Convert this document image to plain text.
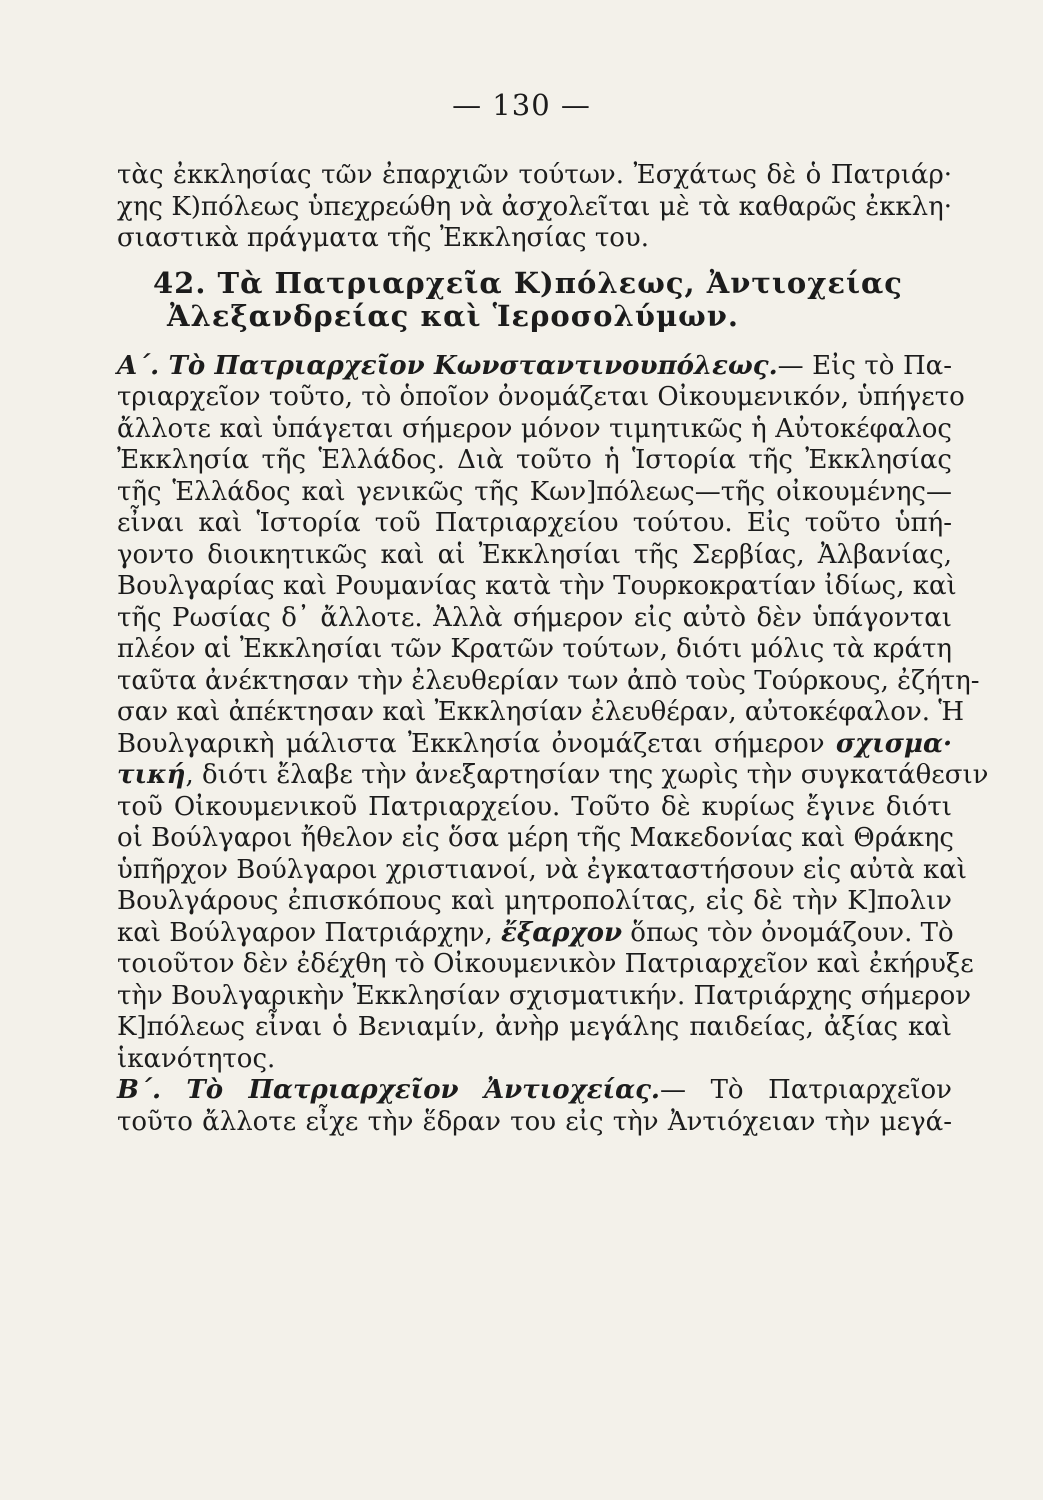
— 130 —
τὰς ἐκκλησίας τῶν ἐπαρχιῶν τούτων. Ἐσχάτως δὲ ὁ Πατριάρ·
χης Κ)πόλεως ὑπεχρεώθη νὰ ἀσχολεῖται μὲ τὰ καθαρῶς ἐκκλη·
σιαστικὰ πράγματα τῆς Ἐκκλησίας του.
42. Τὰ Πατριαρχεῖα Κ)πόλεως, Ἀντιοχείας
Ἀλεξανδρείας καὶ Ἱεροσολύμων.
Α΄. Τὸ Πατριαρχεῖον Κωνσταντινουπόλεως.— Εἰς τὸ Πα-
τριαρχεῖον τοῦτο, τὸ ὁποῖον ὀνομάζεται Οἰκουμενικόν, ὑπήγετο
ἄλλοτε καὶ ὑπάγεται σήμερον μόνον τιμητικῶς ἡ Αὐτοκέφαλος
Ἐκκλησία τῆς Ἑλλάδος. Διὰ τοῦτο ἡ Ἱστορία τῆς Ἐκκλησίας
τῆς Ἑλλάδος καὶ γενικῶς τῆς Κων]πόλεως—τῆς οἰκουμένης—
εἶναι καὶ Ἱστορία τοῦ Πατριαρχείου τούτου. Εἰς τοῦτο ὑπή-
γοντο διοικητικῶς καὶ αἱ Ἐκκλησίαι τῆς Σερβίας, Ἀλβανίας,
Βουλγαρίας καὶ Ρουμανίας κατὰ τὴν Τουρκοκρατίαν ἰδίως, καὶ
τῆς Ρωσίας δ᾽ ἄλλοτε. Ἀλλὰ σήμερον εἰς αὐτὸ δὲν ὑπάγονται
πλέον αἱ Ἐκκλησίαι τῶν Κρατῶν τούτων, διότι μόλις τὰ κράτη
ταῦτα ἀνέκτησαν τὴν ἐλευθερίαν των ἀπὸ τοὺς Τούρκους, ἐζήτη-
σαν καὶ ἀπέκτησαν καὶ Ἐκκλησίαν ἐλευθέραν, αὐτοκέφαλον. Ἡ
Βουλγαρικὴ μάλιστα Ἐκκλησία ὀνομάζεται σήμερον σχισμα·
τική, διότι ἔλαβε τὴν ἀνεξαρτησίαν της χωρὶς τὴν συγκατάθεσιν
τοῦ Οἰκουμενικοῦ Πατριαρχείου. Τοῦτο δὲ κυρίως ἔγινε διότι
οἱ Βούλγαροι ἤθελον εἰς ὅσα μέρη τῆς Μακεδονίας καὶ Θράκης
ὑπῆρχον Βούλγαροι χριστιανοί, νὰ ἐγκαταστήσουν εἰς αὐτὰ καὶ
Βουλγάρους ἐπισκόπους καὶ μητροπολίτας, εἰς δὲ τὴν Κ]πολιν
καὶ Βούλγαρον Πατριάρχην, ἔξαρχον ὅπως τὸν ὀνομάζουν. Τὸ
τοιοῦτον δὲν ἐδέχθη τὸ Οἰκουμενικὸν Πατριαρχεῖον καὶ ἐκήρυξε
τὴν Βουλγαρικὴν Ἐκκλησίαν σχισματικήν. Πατριάρχης σήμερον
Κ]πόλεως εἶναι ὁ Βενιαμίν, ἀνὴρ μεγάλης παιδείας, ἀξίας καὶ
ἱκανότητος.
Β΄. Τὸ Πατριαρχεῖον Ἀντιοχείας.— Τὸ Πατριαρχεῖον
τοῦτο ἄλλοτε εἶχε τὴν ἕδραν του εἰς τὴν Ἀντιόχειαν τὴν μεγά-
